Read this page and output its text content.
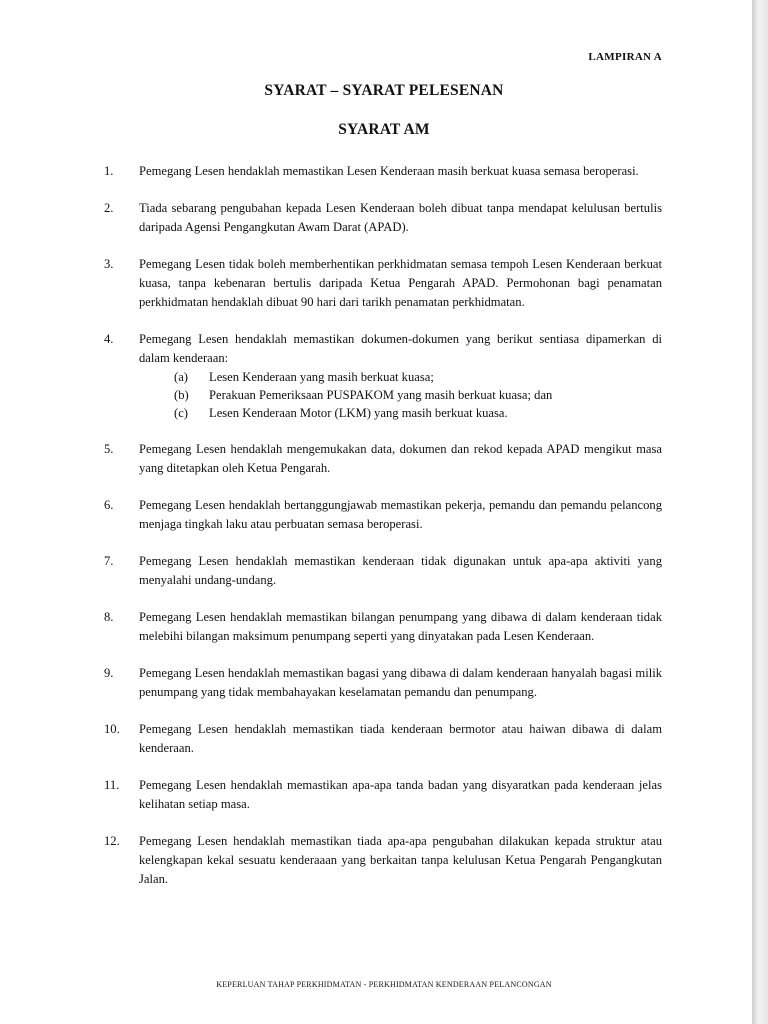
LAMPIRAN A
SYARAT – SYARAT PELESENAN
SYARAT AM
1.	Pemegang Lesen hendaklah memastikan Lesen Kenderaan masih berkuat kuasa semasa beroperasi.
2.	Tiada sebarang pengubahan kepada Lesen Kenderaan boleh dibuat tanpa mendapat kelulusan bertulis daripada Agensi Pengangkutan Awam Darat (APAD).
3.	Pemegang Lesen tidak boleh memberhentikan perkhidmatan semasa tempoh Lesen Kenderaan berkuat kuasa, tanpa kebenaran bertulis daripada Ketua Pengarah APAD. Permohonan bagi penamatan perkhidmatan hendaklah dibuat 90 hari dari tarikh penamatan perkhidmatan.
4.	Pemegang Lesen hendaklah memastikan dokumen-dokumen yang berikut sentiasa dipamerkan di dalam kenderaan:
(a)	Lesen Kenderaan yang masih berkuat kuasa;
(b)	Perakuan Pemeriksaan PUSPAKOM yang masih berkuat kuasa; dan
(c)	Lesen Kenderaan Motor (LKM) yang masih berkuat kuasa.
5.	Pemegang Lesen hendaklah mengemukakan data, dokumen dan rekod kepada APAD mengikut masa yang ditetapkan oleh Ketua Pengarah.
6.	Pemegang Lesen hendaklah bertanggungjawab memastikan pekerja, pemandu dan pemandu pelancong menjaga tingkah laku atau perbuatan semasa beroperasi.
7.	Pemegang Lesen hendaklah memastikan kenderaan tidak digunakan untuk apa-apa aktiviti yang menyalahi undang-undang.
8.	Pemegang Lesen hendaklah memastikan bilangan penumpang yang dibawa di dalam kenderaan tidak melebihi bilangan maksimum penumpang seperti yang dinyatakan pada Lesen Kenderaan.
9.	Pemegang Lesen hendaklah memastikan bagasi yang dibawa di dalam kenderaan hanyalah bagasi milik penumpang yang tidak membahayakan keselamatan pemandu dan penumpang.
10.	Pemegang Lesen hendaklah memastikan tiada kenderaan bermotor atau haiwan dibawa di dalam kenderaan.
11.	Pemegang Lesen hendaklah memastikan apa-apa tanda badan yang disyaratkan pada kenderaan jelas kelihatan setiap masa.
12.	Pemegang Lesen hendaklah memastikan tiada apa-apa pengubahan dilakukan kepada struktur atau kelengkapan kekal sesuatu kenderaaan yang berkaitan tanpa kelulusan Ketua Pengarah Pengangkutan Jalan.
KEPERLUAN TAHAP PERKHIDMATAN - PERKHIDMATAN KENDERAAN PELANCONGAN
